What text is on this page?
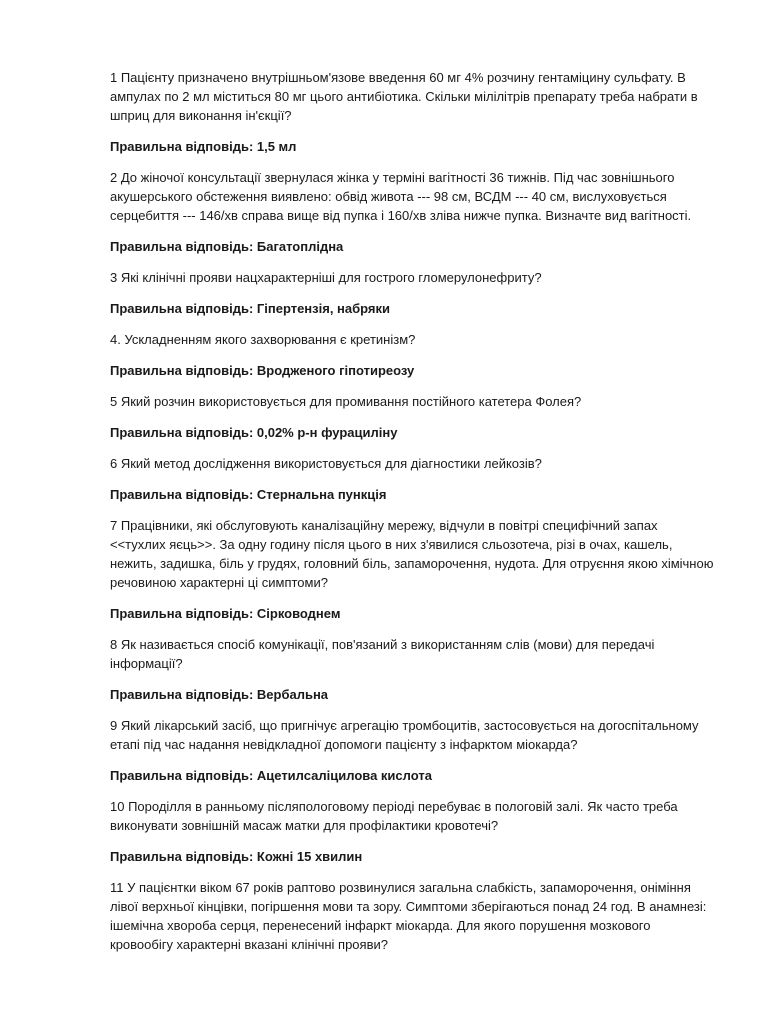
1 Пацієнту призначено внутрішньом'язове введення 60 мг 4% розчину гентаміцину сульфату. В ампулах по 2 мл міститься 80 мг цього антибіотика. Скільки мілілітрів препарату треба набрати в шприц для виконання ін'єкції?

Правильна відповідь: 1,5 мл

2 До жіночої консультації звернулася жінка у терміні вагітності 36 тижнів. Під час зовнішнього акушерського обстеження виявлено: обвід живота --- 98 см, ВСДМ --- 40 см, вислуховується серцебиття --- 146/хв справа вище від пупка і 160/хв зліва нижче пупка. Визначте вид вагітності.

Правильна відповідь: Багатоплідна

3 Які клінічні прояви нацхарактерніші для гострого гломерулонефриту?

Правильна відповідь: Гіпертензія, набряки

4. Ускладненням якого захворювання є кретинізм?

Правильна відповідь: Вродженого гіпотиреозу

5 Який розчин використовується для промивання постійного катетера Фолея?

Правильна відповідь: 0,02% р-н фурациліну

6 Який метод дослідження використовується для діагностики лейкозів?

Правильна відповідь: Стернальна пункція

7 Працівники, які обслуговують каналізаційну мережу, відчули в повітрі специфічний запах <<тухлих яєць>>. За одну годину після цього в них з'явилися сльозотеча, різі в очах, кашель, нежить, задишка, біль у грудях, головний біль, запаморочення, нудота. Для отруєння якою хімічною речовиною характерні ці симптоми?

Правильна відповідь: Сірководнем

8 Як називається спосіб комунікації, пов'язаний з використанням слів (мови) для передачі інформації?

Правильна відповідь: Вербальна

9 Який лікарський засіб, що пригнічує агрегацію тромбоцитів, застосовується на догоспітальному етапі під час надання невідкладної допомоги пацієнту з інфарктом міокарда?

Правильна відповідь: Ацетилсаліцилова кислота

10 Породілля в ранньому післяпологовому періоді перебуває в пологовій залі. Як часто треба виконувати зовнішній масаж матки для профілактики кровотечі?

Правильна відповідь: Кожні 15 хвилин

11 У пацієнтки віком 67 років раптово розвинулися загальна слабкість, запаморочення, оніміння лівої верхньої кінцівки, погіршення мови та зору. Симптоми зберігаються понад 24 год. В анамнезі: ішемічна хвороба серця, перенесений інфаркт міокарда. Для якого порушення мозкового кровообігу характерні вказані клінічні прояви?
